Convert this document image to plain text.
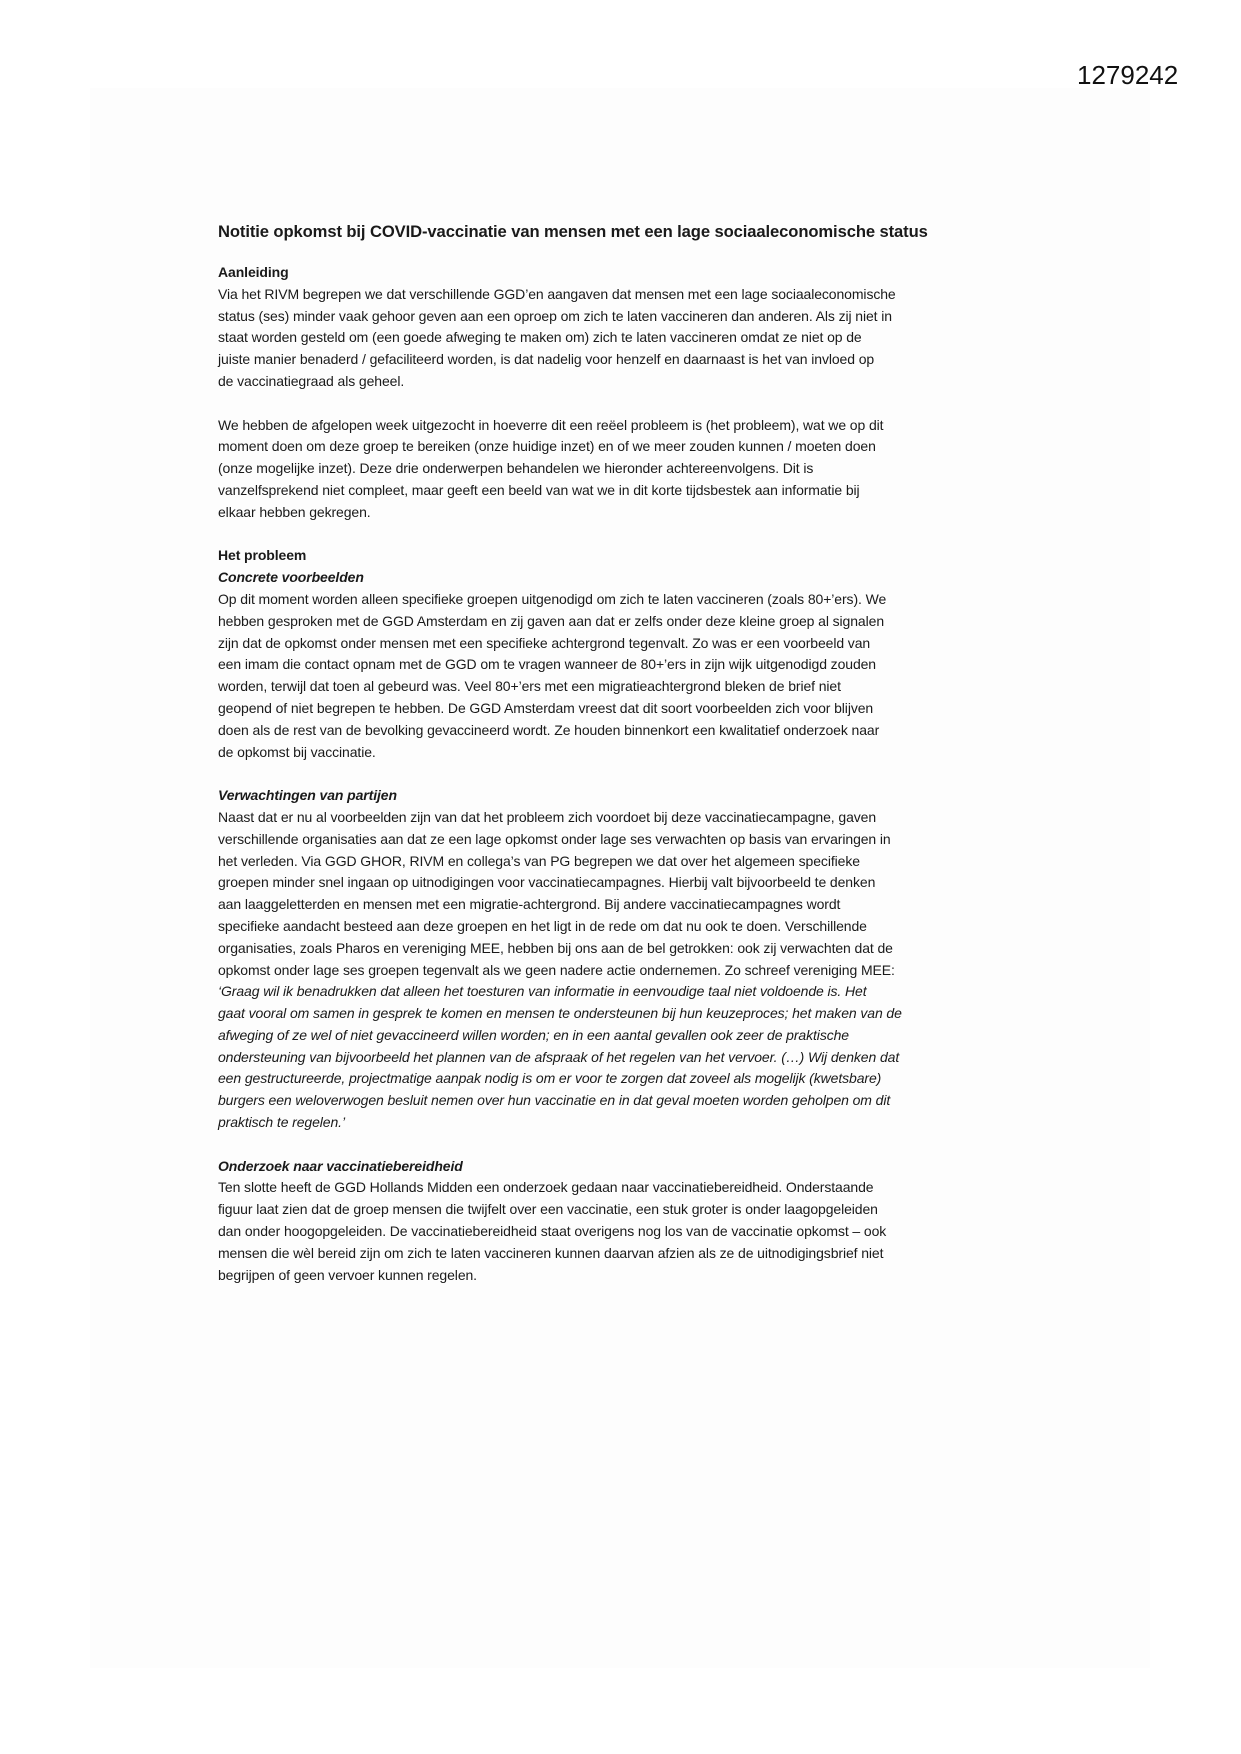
1279242
Notitie opkomst bij COVID-vaccinatie van mensen met een lage sociaaleconomische status
Aanleiding
Via het RIVM begrepen we dat verschillende GGD’en aangaven dat mensen met een lage sociaaleconomische
status (ses) minder vaak gehoor geven aan een oproep om zich te laten vaccineren dan anderen. Als zij niet in
staat worden gesteld om (een goede afweging te maken om) zich te laten vaccineren omdat ze niet op de
juiste manier benaderd / gefaciliteerd worden, is dat nadelig voor henzelf en daarnaast is het van invloed op
de vaccinatiegraad als geheel.
We hebben de afgelopen week uitgezocht in hoeverre dit een reëel probleem is (het probleem), wat we op dit
moment doen om deze groep te bereiken (onze huidige inzet) en of we meer zouden kunnen / moeten doen
(onze mogelijke inzet). Deze drie onderwerpen behandelen we hieronder achtereenvolgens. Dit is
vanzelfsprekend niet compleet, maar geeft een beeld van wat we in dit korte tijdsbestek aan informatie bij
elkaar hebben gekregen.
Het probleem
Concrete voorbeelden
Op dit moment worden alleen specifieke groepen uitgenodigd om zich te laten vaccineren (zoals 80+’ers). We
hebben gesproken met de GGD Amsterdam en zij gaven aan dat er zelfs onder deze kleine groep al signalen
zijn dat de opkomst onder mensen met een specifieke achtergrond tegenvalt. Zo was er een voorbeeld van
een imam die contact opnam met de GGD om te vragen wanneer de 80+’ers in zijn wijk uitgenodigd zouden
worden, terwijl dat toen al gebeurd was. Veel 80+’ers met een migratieachtergrond bleken de brief niet
geopend of niet begrepen te hebben. De GGD Amsterdam vreest dat dit soort voorbeelden zich voor blijven
doen als de rest van de bevolking gevaccineerd wordt. Ze houden binnenkort een kwalitatief onderzoek naar
de opkomst bij vaccinatie.
Verwachtingen van partijen
Naast dat er nu al voorbeelden zijn van dat het probleem zich voordoet bij deze vaccinatiecampagne, gaven
verschillende organisaties aan dat ze een lage opkomst onder lage ses verwachten op basis van ervaringen in
het verleden. Via GGD GHOR, RIVM en collega’s van PG begrepen we dat over het algemeen specifieke
groepen minder snel ingaan op uitnodigingen voor vaccinatiecampagnes. Hierbij valt bijvoorbeeld te denken
aan laaggeletterden en mensen met een migratie-achtergrond. Bij andere vaccinatiecampagnes wordt
specifieke aandacht besteed aan deze groepen en het ligt in de rede om dat nu ook te doen. Verschillende
organisaties, zoals Pharos en vereniging MEE, hebben bij ons aan de bel getrokken: ook zij verwachten dat de
opkomst onder lage ses groepen tegenvalt als we geen nadere actie ondernemen. Zo schreef vereniging MEE:
‘Graag wil ik benadrukken dat alleen het toesturen van informatie in eenvoudige taal niet voldoende is. Het
gaat vooral om samen in gesprek te komen en mensen te ondersteunen bij hun keuzeproces; het maken van de
afweging of ze wel of niet gevaccineerd willen worden; en in een aantal gevallen ook zeer de praktische
ondersteuning van bijvoorbeeld het plannen van de afspraak of het regelen van het vervoer. (…) Wij denken dat
een gestructureerde, projectmatige aanpak nodig is om er voor te zorgen dat zoveel als mogelijk (kwetsbare)
burgers een weloverwogen besluit nemen over hun vaccinatie en in dat geval moeten worden geholpen om dit
praktisch te regelen.’
Onderzoek naar vaccinatiebereidheid
Ten slotte heeft de GGD Hollands Midden een onderzoek gedaan naar vaccinatiebereidheid. Onderstaande
figuur laat zien dat de groep mensen die twijfelt over een vaccinatie, een stuk groter is onder laagopgeleiden
dan onder hoogopgeleiden. De vaccinatiebereidheid staat overigens nog los van de vaccinatie opkomst – ook
mensen die wèl bereid zijn om zich te laten vaccineren kunnen daarvan afzien als ze de uitnodigingsbrief niet
begrijpen of geen vervoer kunnen regelen.
